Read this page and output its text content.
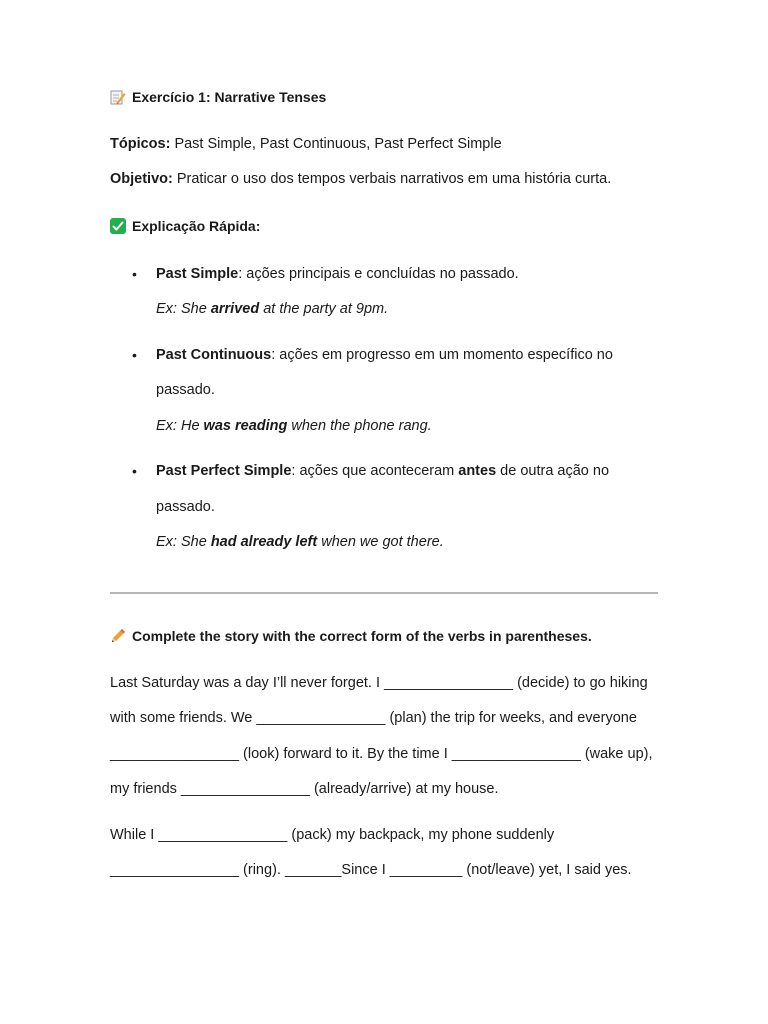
Exercício 1: Narrative Tenses
Tópicos: Past Simple, Past Continuous, Past Perfect Simple
Objetivo: Praticar o uso dos tempos verbais narrativos em uma história curta.
Explicação Rápida:
• Past Simple: ações principais e concluídas no passado.
Ex: She arrived at the party at 9pm.
• Past Continuous: ações em progresso em um momento específico no
passado.
Ex: He was reading when the phone rang.
• Past Perfect Simple: ações que aconteceram antes de outra ação no
passado.
Ex: She had already left when we got there.
Complete the story with the correct form of the verbs in parentheses.
Last Saturday was a day I’ll never forget. I ________________ (decide) to go hiking
with some friends. We ________________ (plan) the trip for weeks, and everyone
________________ (look) forward to it. By the time I ________________ (wake up),
my friends ________________ (already/arrive) at my house.
While I ________________ (pack) my backpack, my phone suddenly
________________ (ring). _______Since I _________ (not/leave) yet, I said yes.
